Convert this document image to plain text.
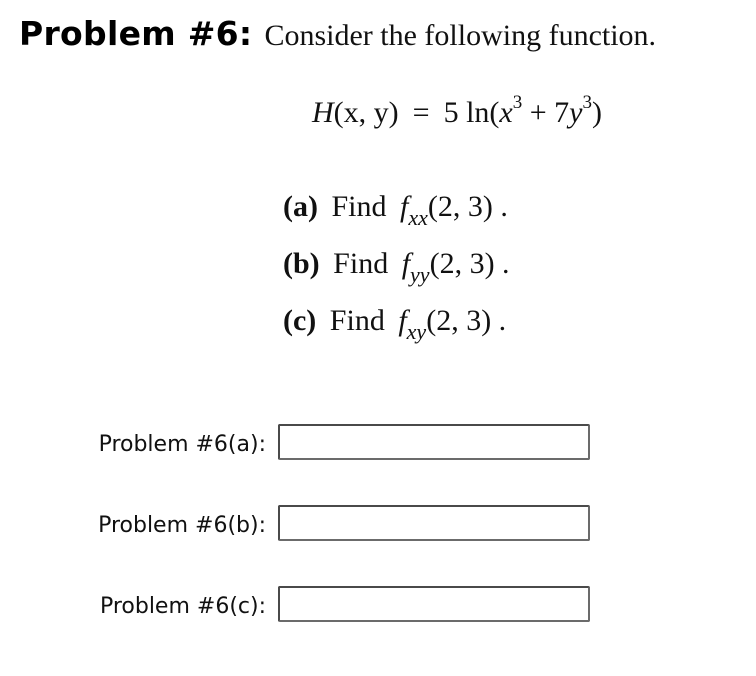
Problem #6: Consider the following function.
H(x, y) = 5 $\ln(x^3 + 7y^3)$
(a) Find $f_{xx}(2$, 3) .
(b) Find $f_{yy}(2$, 3) .
(c) Find $f_{xy}(2$, 3) .
Problem #6(a):
Problem #6(b):
Problem #6(c):
